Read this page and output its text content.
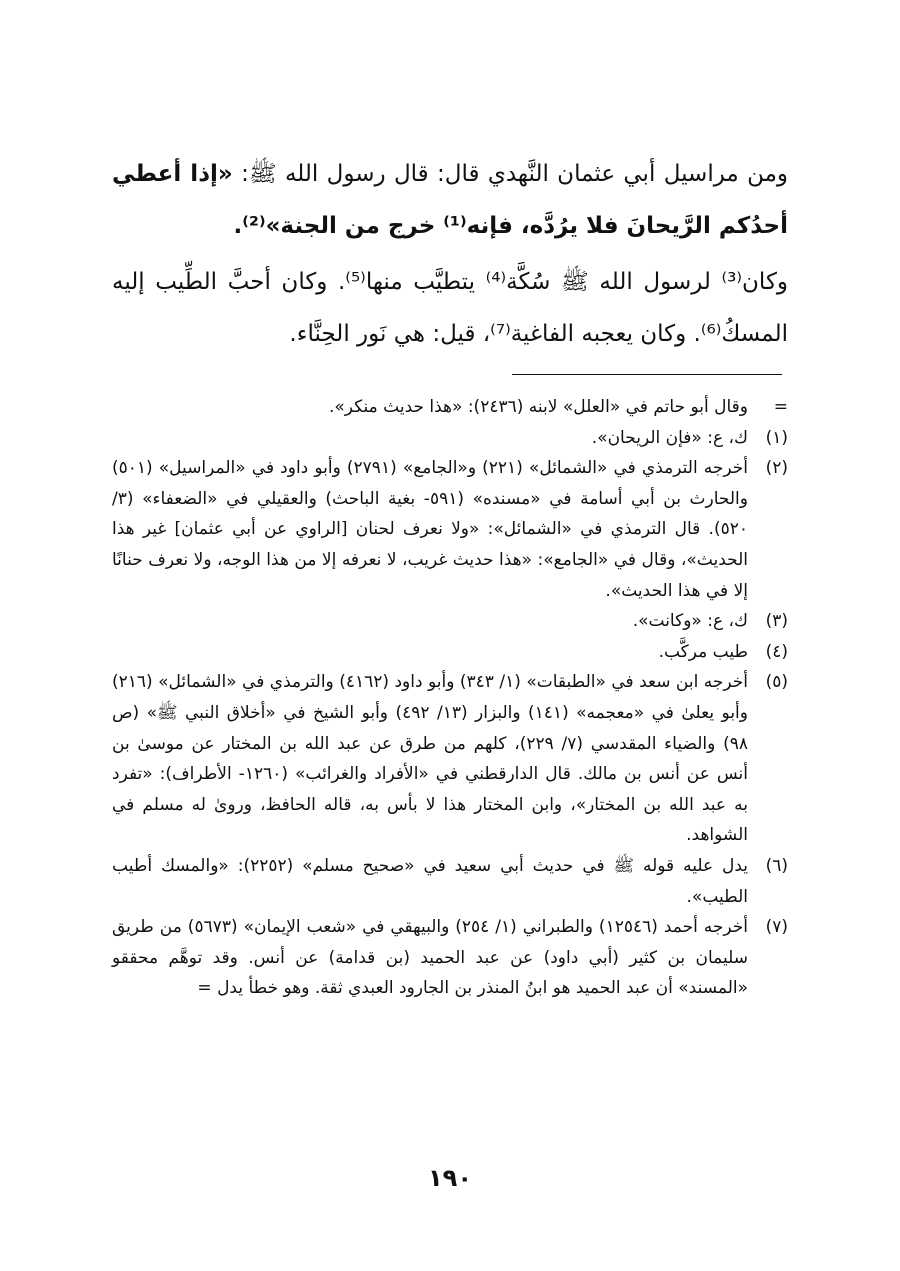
ومن مراسيل أبي عثمان النَّهدي قال: قال رسول الله ﷺ: «إذا أعطي أحدُكم الرَّيحانَ فلا يرُدَّه، فإنه⁽¹⁾ خرج من الجنة»⁽²⁾.

وكان⁽³⁾ لرسول الله ﷺ سُكَّة⁽⁴⁾ يتطيَّب منها⁽⁵⁾. وكان أحبَّ الطِّيب إليه المسكُ⁽⁶⁾. وكان يعجبه الفاغية⁽⁷⁾، قيل: هي نَور الحِنَّاء.

=
وقال أبو حاتم في «العلل» لابنه (٢٤٣٦): «هذا حديث منكر».
(١)
ك، ع: «فإن الريحان».
(٢)
أخرجه الترمذي في «الشمائل» (٢٢١) و«الجامع» (٢٧٩١) وأبو داود في «المراسيل» (٥٠١) والحارث بن أبي أسامة في «مسنده» (٥٩١- بغية الباحث) والعقيلي في «الضعفاء» (٣/ ٥٢٠). قال الترمذي في «الشمائل»: «ولا نعرف لحنان [الراوي عن أبي عثمان] غير هذا الحديث»، وقال في «الجامع»: «هذا حديث غريب، لا نعرفه إلا من هذا الوجه، ولا نعرف حنانًا إلا في هذا الحديث».
(٣)
ك، ع: «وكانت».
(٤)
طيب مركَّب.
(٥)
أخرجه ابن سعد في «الطبقات» (١/ ٣٤٣) وأبو داود (٤١٦٢) والترمذي في «الشمائل» (٢١٦) وأبو يعلىٰ في «معجمه» (١٤١) والبزار (١٣/ ٤٩٢) وأبو الشيخ في «أخلاق النبي ﷺ» (ص ٩٨) والضياء المقدسي (٧/ ٢٢٩)، كلهم من طرق عن عبد الله بن المختار عن موسىٰ بن أنس عن أنس بن مالك. قال الدارقطني في «الأفراد والغرائب» (١٢٦٠- الأطراف): «تفرد به عبد الله بن المختار»، وابن المختار هذا لا بأس به، قاله الحافظ، وروىٰ له مسلم في الشواهد.
(٦)
يدل عليه قوله ﷺ في حديث أبي سعيد في «صحيح مسلم» (٢٢٥٢): «والمسك أطيب الطيب».
(٧)
أخرجه أحمد (١٢٥٤٦) والطبراني (١/ ٢٥٤) والبيهقي في «شعب الإيمان» (٥٦٧٣) من طريق سليمان بن كثير (أبي داود) عن عبد الحميد (بن قدامة) عن أنس. وقد توهَّم محققو «المسند» أن عبد الحميد هو ابنُ المنذر بن الجارود العبدي ثقة. وهو خطأ يدل =
١٩٠
